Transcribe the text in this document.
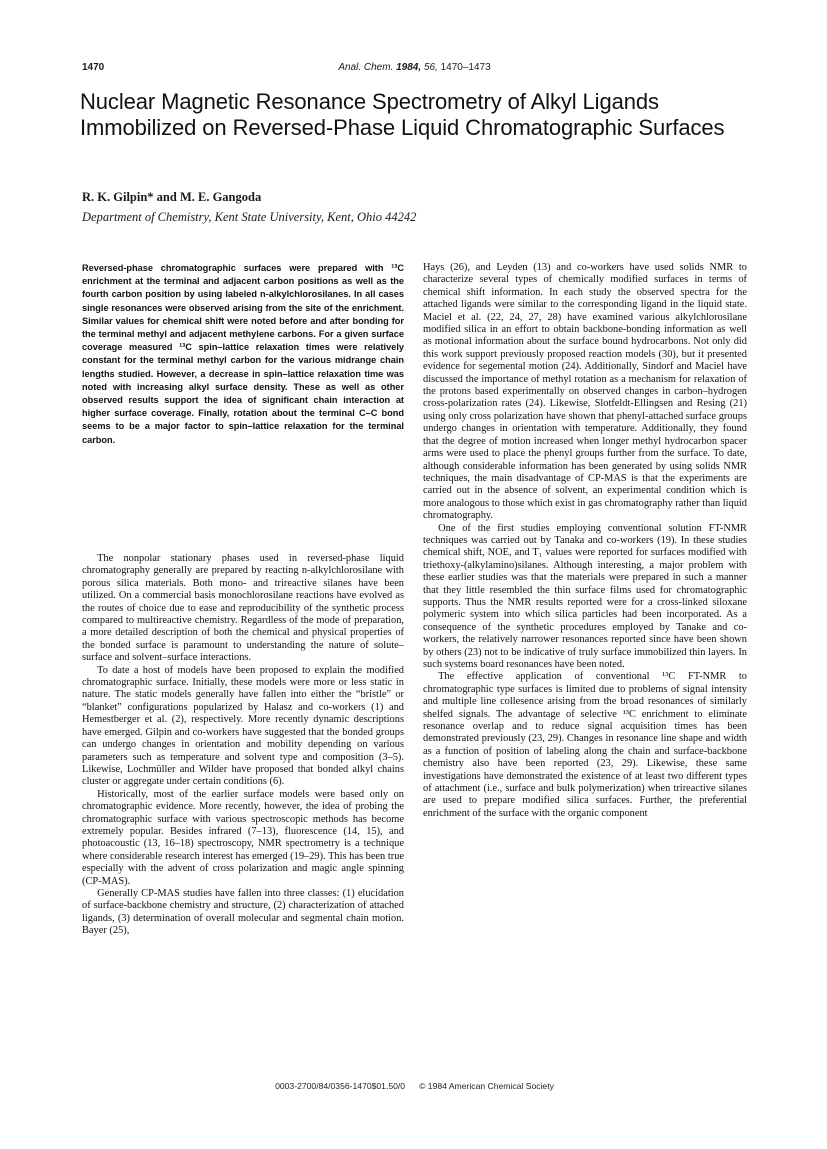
1470	Anal. Chem. 1984, 56, 1470–1473
Nuclear Magnetic Resonance Spectrometry of Alkyl Ligands Immobilized on Reversed-Phase Liquid Chromatographic Surfaces

R. K. Gilpin* and M. E. Gangoda

Department of Chemistry, Kent State University, Kent, Ohio 44242

Reversed-phase chromatographic surfaces were prepared with ¹³C enrichment at the terminal and adjacent carbon positions as well as the fourth carbon position by using labeled n-alkylchlorosilanes. In all cases single resonances were observed arising from the site of the enrichment. Similar values for chemical shift were noted before and after bonding for the terminal methyl and adjacent methylene carbons. For a given surface coverage measured ¹³C spin–lattice relaxation times were relatively constant for the terminal methyl carbon for the various midrange chain lengths studied. However, a decrease in spin–lattice relaxation time was noted with increasing alkyl surface density. These as well as other observed results support the idea of significant chain interaction at higher surface coverage. Finally, rotation about the terminal C–C bond seems to be a major factor to spin–lattice relaxation for the terminal carbon.

The nonpolar stationary phases used in reversed-phase liquid chromatography generally are prepared by reacting n-alkylchlorosilane with porous silica materials. Both mono- and trireactive silanes have been utilized. On a commercial basis monochlorosilane reactions have evolved as the routes of choice due to ease and reproducibility of the synthetic process compared to multireactive chemistry. Regardless of the mode of preparation, a more detailed description of both the chemical and physical properties of the bonded surface is paramount to understanding the nature of solute–surface and solvent–surface interactions.

To date a host of models have been proposed to explain the modified chromatographic surface. Initially, these models were more or less static in nature. The static models generally have fallen into either the “bristle” or “blanket” configurations popularized by Halasz and co-workers (1) and Hemestberger et al. (2), respectively. More recently dynamic descriptions have emerged. Gilpin and co-workers have suggested that the bonded groups can undergo changes in orientation and mobility depending on various parameters such as temperature and solvent type and composition (3–5). Likewise, Lochmüller and Wilder have proposed that bonded alkyl chains cluster or aggregate under certain conditions (6).

Historically, most of the earlier surface models were based only on chromatographic evidence. More recently, however, the idea of probing the chromatographic surface with various spectroscopic methods has become extremely popular. Besides infrared (7–13), fluorescence (14, 15), and photoacoustic (13, 16–18) spectroscopy, NMR spectrometry is a technique where considerable research interest has emerged (19–29). This has been true especially with the advent of cross polarization and magic angle spinning (CP-MAS).

Generally CP-MAS studies have fallen into three classes: (1) elucidation of surface-backbone chemistry and structure, (2) characterization of attached ligands, (3) determination of overall molecular and segmental chain motion. Bayer (25),

Hays (26), and Leyden (13) and co-workers have used solids NMR to characterize several types of chemically modified surfaces in terms of chemical shift information. In each study the observed spectra for the attached ligands were similar to the corresponding ligand in the liquid state. Maciel et al. (22, 24, 27, 28) have examined various alkylchlorosilane modified silica in an effort to obtain backbone-bonding information as well as motional information about the surface bound hydrocarbons. Not only did this work support previously proposed reaction models (30), but it presented evidence for segemental motion (24). Additionally, Sindorf and Maciel have discussed the importance of methyl rotation as a mechanism for relaxation of the protons based experimentally on observed changes in carbon–hydrogen cross-polarization rates (24). Likewise, Slotfeldt-Ellingsen and Resing (21) using only cross polarization have shown that phenyl-attached surface groups undergo changes in orientation with temperature. Additionally, they found that the degree of motion increased when longer methyl hydrocarbon spacer arms were used to place the phenyl groups further from the surface. To date, although considerable information has been generated by using solids NMR techniques, the main disadvantage of CP-MAS is that the experiments are carried out in the absence of solvent, an experimental condition which is more analogous to those which exist in gas chromatography rather than liquid chromatography.

One of the first studies employing conventional solution FT-NMR techniques was carried out by Tanaka and co-workers (19). In these studies chemical shift, NOE, and T₁ values were reported for surfaces modified with triethoxy-(alkylamino)silanes. Although interesting, a major problem with these earlier studies was that the materials were prepared in such a manner that they little resembled the thin surface films used for chromatographic supports. Thus the NMR results reported were for a cross-linked siloxane polymeric system into which silica particles had been incorporated. As a consequence of the synthetic procedures employed by Tanake and co-workers, the relatively narrower resonances reported since have been shown by others (23) not to be indicative of truly surface immobilized thin layers. In such systems board resonances have been noted.

The effective application of conventional ¹³C FT-NMR to chromatographic type surfaces is limited due to problems of signal intensity and multiple line collesence arising from the broad resonances of similarly shelfed signals. The advantage of selective ¹³C enrichment to eliminate resonance overlap and to reduce signal acquisition times has been demonstrated previously (23, 29). Changes in resonance line shape and width as a function of position of labeling along the chain and surface-backbone chemistry also have been reported (23, 29). Likewise, these same investigations have demonstrated the existence of at least two different types of attachment (i.e., surface and bulk polymerization) when trireactive silanes are used to prepare modified silica surfaces. Further, the preferential enrichment of the surface with the organic component

0003-2700/84/0356-1470$01.50/0 © 1984 American Chemical Society
